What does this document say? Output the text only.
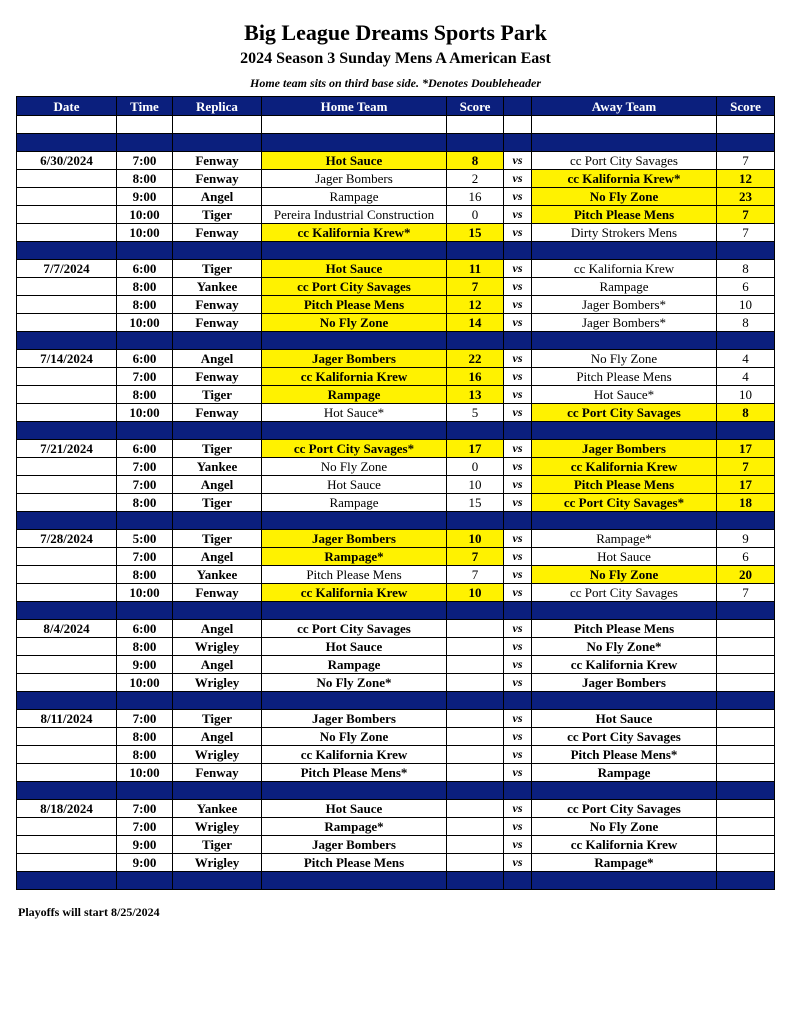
Big League Dreams Sports Park
2024 Season 3 Sunday Mens A American East
Home team sits on third base side. *Denotes Doubleheader
Date	Time	Replica	Home Team	Score		Away Team	Score

6/30/2024	7:00	Fenway	Hot Sauce	8	vs	cc Port City Savages	7
	8:00	Fenway	Jager Bombers	2	vs	cc Kalifornia Krew*	12
	9:00	Angel	Rampage	16	vs	No Fly Zone	23
	10:00	Tiger	Pereira Industrial Construction	0	vs	Pitch Please Mens	7
	10:00	Fenway	cc Kalifornia Krew*	15	vs	Dirty Strokers Mens	7

7/7/2024	6:00	Tiger	Hot Sauce	11	vs	cc Kalifornia Krew	8
	8:00	Yankee	cc Port City Savages	7	vs	Rampage	6
	8:00	Fenway	Pitch Please Mens	12	vs	Jager Bombers*	10
	10:00	Fenway	No Fly Zone	14	vs	Jager Bombers*	8

7/14/2024	6:00	Angel	Jager Bombers	22	vs	No Fly Zone	4
	7:00	Fenway	cc Kalifornia Krew	16	vs	Pitch Please Mens	4
	8:00	Tiger	Rampage	13	vs	Hot Sauce*	10
	10:00	Fenway	Hot Sauce*	5	vs	cc Port City Savages	8

7/21/2024	6:00	Tiger	cc Port City Savages*	17	vs	Jager Bombers	17
	7:00	Yankee	No Fly Zone	0	vs	cc Kalifornia Krew	7
	7:00	Angel	Hot Sauce	10	vs	Pitch Please Mens	17
	8:00	Tiger	Rampage	15	vs	cc Port City Savages*	18

7/28/2024	5:00	Tiger	Jager Bombers	10	vs	Rampage*	9
	7:00	Angel	Rampage*	7	vs	Hot Sauce	6
	8:00	Yankee	Pitch Please Mens	7	vs	No Fly Zone	20
	10:00	Fenway	cc Kalifornia Krew	10	vs	cc Port City Savages	7

8/4/2024	6:00	Angel	cc Port City Savages		vs	Pitch Please Mens	
	8:00	Wrigley	Hot Sauce		vs	No Fly Zone*	
	9:00	Angel	Rampage		vs	cc Kalifornia Krew	
	10:00	Wrigley	No Fly Zone*		vs	Jager Bombers	

8/11/2024	7:00	Tiger	Jager Bombers		vs	Hot Sauce	
	8:00	Angel	No Fly Zone		vs	cc Port City Savages	
	8:00	Wrigley	cc Kalifornia Krew		vs	Pitch Please Mens*	
	10:00	Fenway	Pitch Please Mens*		vs	Rampage	

8/18/2024	7:00	Yankee	Hot Sauce		vs	cc Port City Savages	
	7:00	Wrigley	Rampage*		vs	No Fly Zone	
	9:00	Tiger	Jager Bombers		vs	cc Kalifornia Krew	
	9:00	Wrigley	Pitch Please Mens		vs	Rampage*	

Playoffs will start 8/25/2024
